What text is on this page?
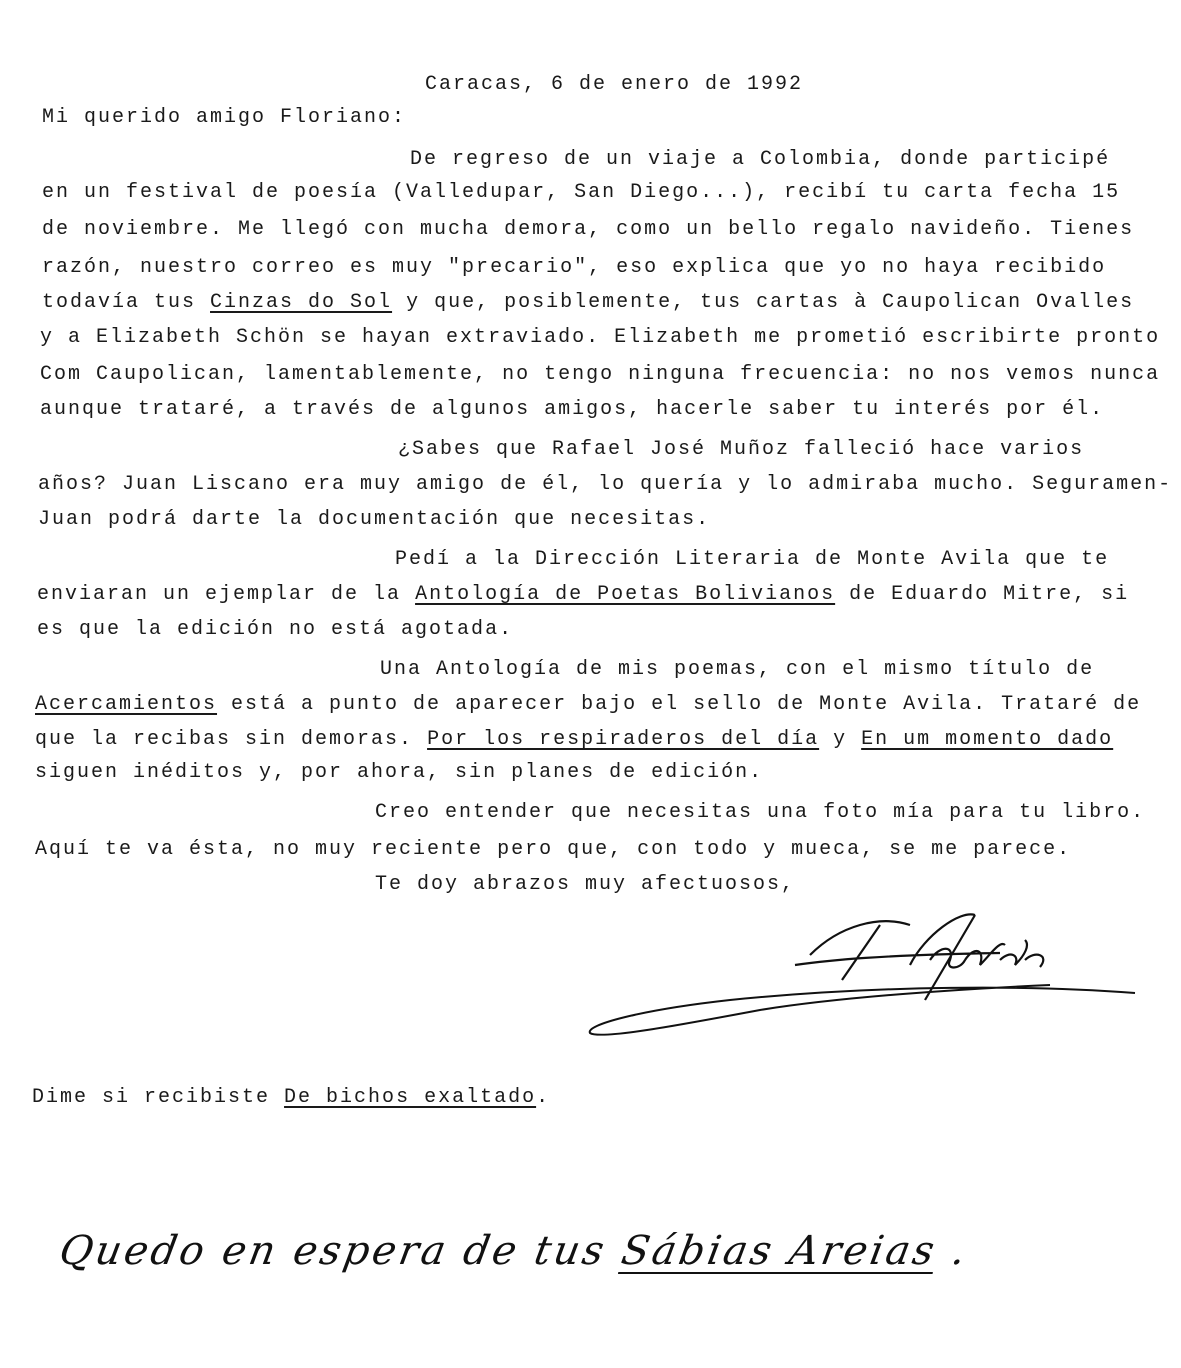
Caracas, 6 de enero de 1992
Mi querido amigo Floriano:
De regreso de un viaje a Colombia, donde participé
en un festival de poesía (Valledupar, San Diego...), recibí tu carta fecha 15
de noviembre. Me llegó con mucha demora, como un bello regalo navideño. Tienes
razón, nuestro correo es muy "precario", eso explica que yo no haya recibido
todavía tus Cinzas do Sol y que, posiblemente, tus cartas à Caupolican Ovalles
y a Elizabeth Schön se hayan extraviado. Elizabeth me prometió escribirte pronto
Com Caupolican, lamentablemente, no tengo ninguna frecuencia: no nos vemos nunca
aunque trataré, a través de algunos amigos, hacerle saber tu interés por él.
¿Sabes que Rafael José Muñoz falleció hace varios
años? Juan Liscano era muy amigo de él, lo quería y lo admiraba mucho. Seguramen-
Juan podrá darte la documentación que necesitas.
Pedí a la Dirección Literaria de Monte Avila que te
enviaran un ejemplar de la Antología de Poetas Bolivianos de Eduardo Mitre, si
es que la edición no está agotada.
Una Antología de mis poemas, con el mismo título de
Acercamientos está a punto de aparecer bajo el sello de Monte Avila. Trataré de
que la recibas sin demoras. Por los respiraderos del día y En um momento dado
siguen inéditos y, por ahora, sin planes de edición.
Creo entender que necesitas una foto mía para tu libro.
Aquí te va ésta, no muy reciente pero que, con todo y mueca, se me parece.
Te doy abrazos muy afectuosos,
Dime si recibiste De bichos exaltado.
Quedo en espera de tus Sábias Areias .
